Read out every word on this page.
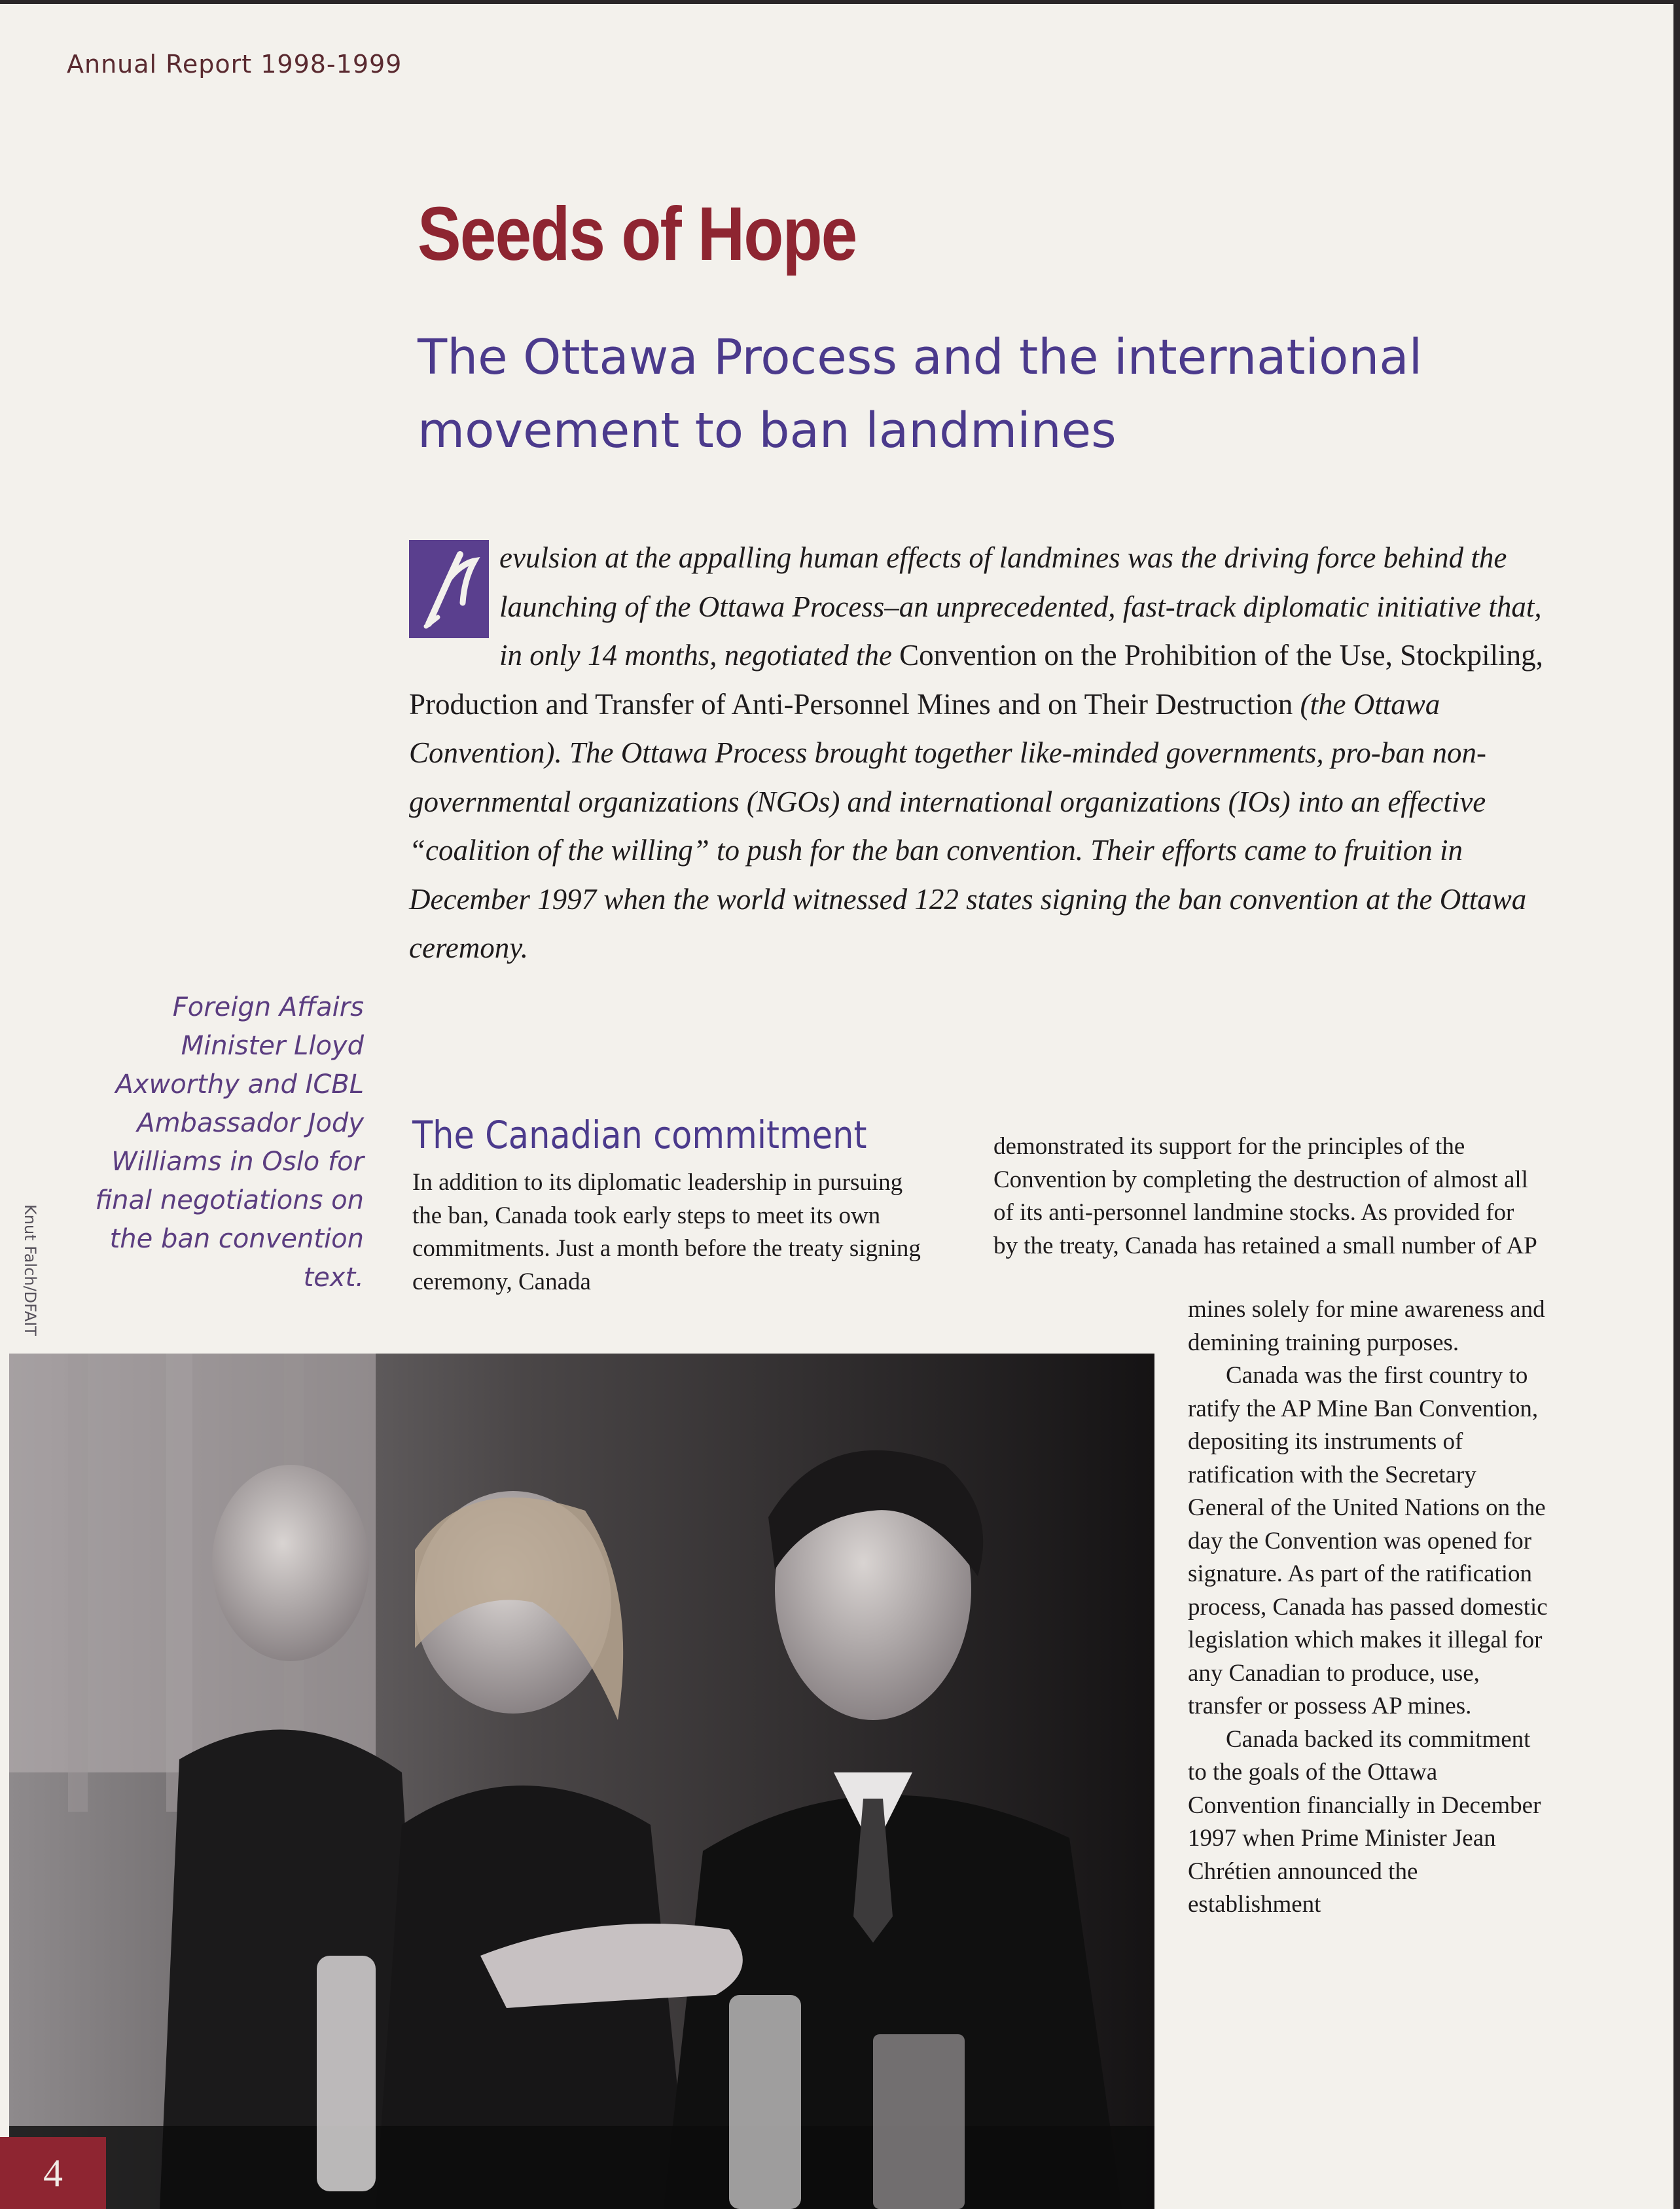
Annual Report 1998-1999
Seeds of Hope
The Ottawa Process and the international movement to ban landmines
evulsion at the appalling human effects of landmines was the driving force behind the launching of the Ottawa Process–an unprecedented, fast-track diplomatic initiative that, in only 14 months, negotiated the Convention on the Prohibition of the Use, Stockpiling, Production and Transfer of Anti-Personnel Mines and on Their Destruction (the Ottawa Convention). The Ottawa Process brought together like-minded governments, pro-ban non-governmental organizations (NGOs) and international organizations (IOs) into an effective “coalition of the willing” to push for the ban convention. Their efforts came to fruition in December 1997 when the world witnessed 122 states signing the ban convention at the Ottawa ceremony.
Foreign Affairs Minister Lloyd Axworthy and ICBL Ambassador Jody Williams in Oslo for final negotiations on the ban convention text.
Knut Falch/DFAIT
The Canadian commitment

In addition to its diplomatic leadership in pursuing the ban, Canada took early steps to meet its own commitments. Just a month before the treaty signing ceremony, Canada

demonstrated its support for the principles of the Convention by completing the destruction of almost all of its anti-personnel landmine stocks. As provided for by the treaty, Canada has retained a small number of AP

mines solely for mine awareness and demining training purposes.

Canada was the first country to ratify the AP Mine Ban Convention, depositing its instruments of ratification with the Secretary General of the United Nations on the day the Convention was opened for signature. As part of the ratification process, Canada has passed domestic legislation which makes it illegal for any Canadian to produce, use, transfer or possess AP mines.

Canada backed its commitment to the goals of the Ottawa Convention financially in December 1997 when Prime Minister Jean Chrétien announced the establishment

4
